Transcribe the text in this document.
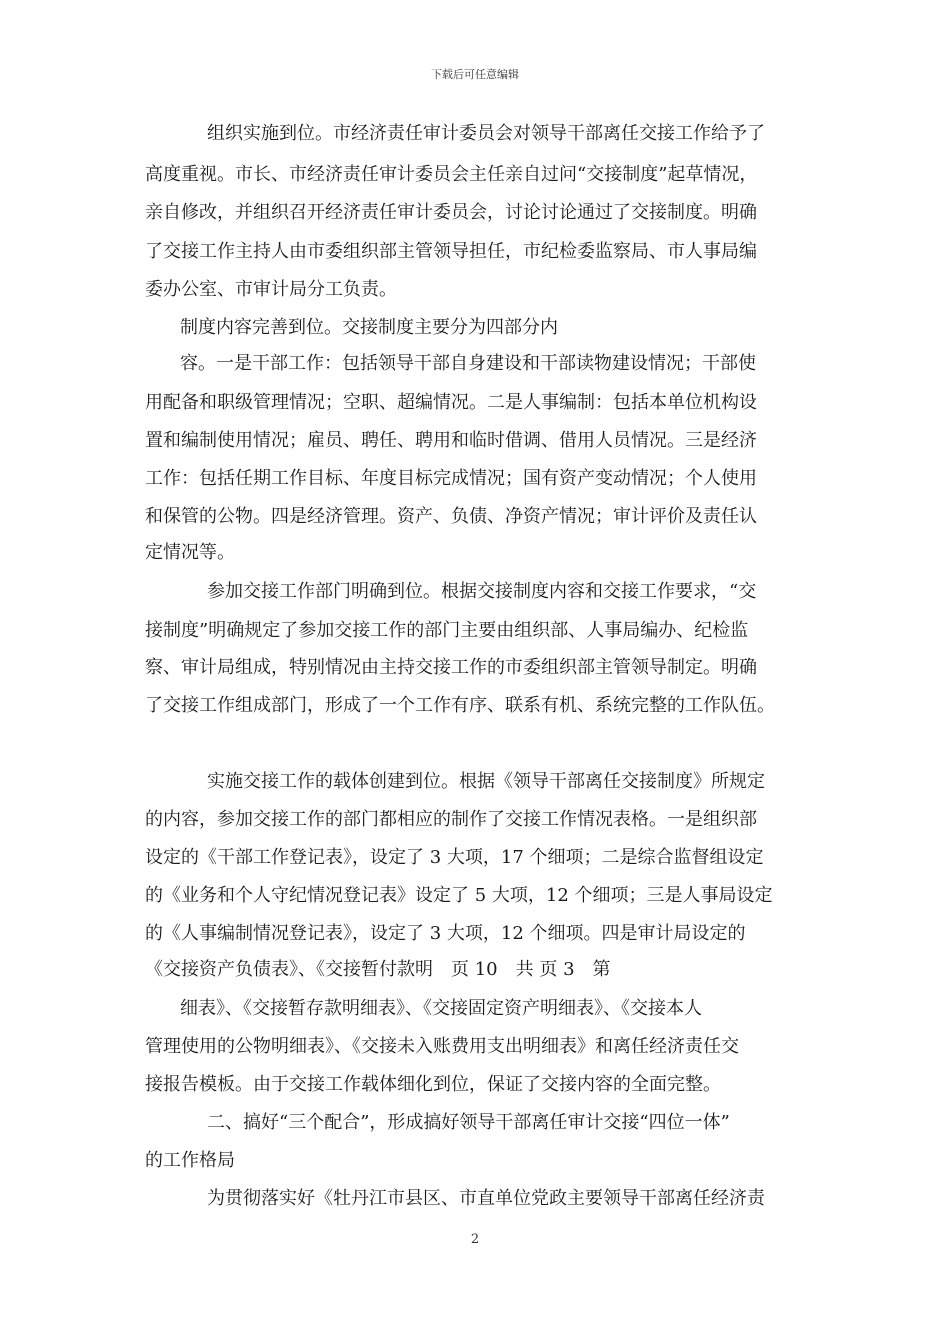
下载后可任意编辑
组织实施到位。市经济责任审计委员会对领导干部离任交接工作给予了
高度重视。市长、市经济责任审计委员会主任亲自过问“交接制度”起草情况，
亲自修改，并组织召开经济责任审计委员会，讨论讨论通过了交接制度。明确
了交接工作主持人由市委组织部主管领导担任，市纪检委监察局、市人事局编
委办公室、市审计局分工负责。
制度内容完善到位。交接制度主要分为四部分内
容。一是干部工作：包括领导干部自身建设和干部读物建设情况；干部使
用配备和职级管理情况；空职、超编情况。二是人事编制：包括本单位机构设
置和编制使用情况；雇员、聘任、聘用和临时借调、借用人员情况。三是经济
工作：包括任期工作目标、年度目标完成情况；国有资产变动情况；个人使用
和保管的公物。四是经济管理。资产、负债、净资产情况；审计评价及责任认
定情况等。
参加交接工作部门明确到位。根据交接制度内容和交接工作要求，“交
接制度”明确规定了参加交接工作的部门主要由组织部、人事局编办、纪检监
察、审计局组成，特别情况由主持交接工作的市委组织部主管领导制定。明确
了交接工作组成部门，形成了一个工作有序、联系有机、系统完整的工作队伍。
实施交接工作的载体创建到位。根据《领导干部离任交接制度》所规定
的内容，参加交接工作的部门都相应的制作了交接工作情况表格。一是组织部
设定的《干部工作登记表》，设定了 3 大项，17 个细项；二是综合监督组设定
的《业务和个人守纪情况登记表》设定了 5 大项，12 个细项；三是人事局设定
的《人事编制情况登记表》，设定了 3 大项，12 个细项。四是审计局设定的
《交接资产负债表》、《交接暂付款明　页 10　共 页 3　第
细表》、《交接暂存款明细表》、《交接固定资产明细表》、《交接本人
管理使用的公物明细表》、《交接未入账费用支出明细表》和离任经济责任交
接报告模板。由于交接工作载体细化到位，保证了交接内容的全面完整。
二、搞好“三个配合”，形成搞好领导干部离任审计交接“四位一体”
的工作格局
为贯彻落实好《牡丹江市县区、市直单位党政主要领导干部离任经济责
2
